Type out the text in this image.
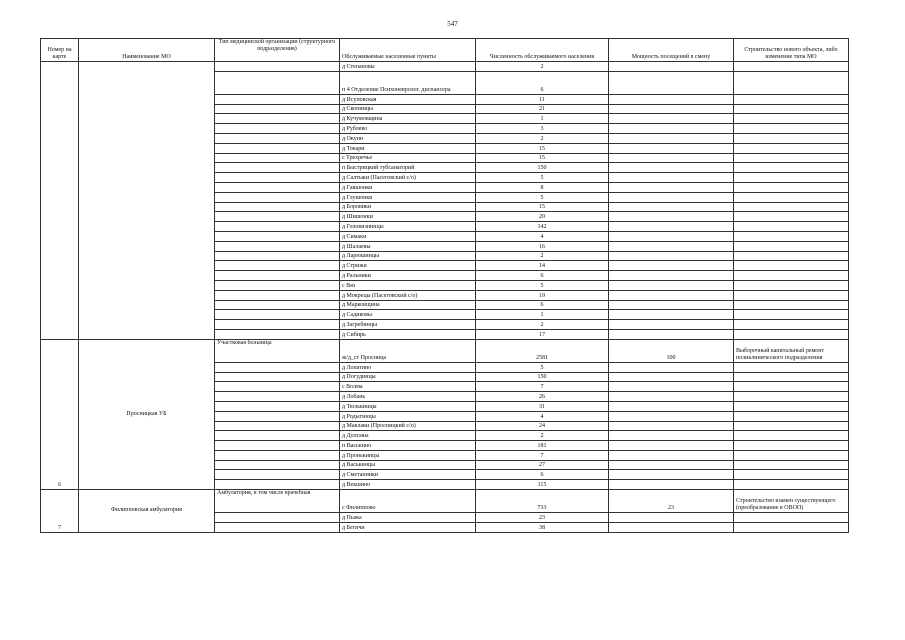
547
Номер на карте	Наименование МО	Тип медицинской организации (структурного подразделения)	Обслуживаемые населенные пункты	Численность обслуживаемого населения	Мощность посещений в смену	Строительство нового объекта, либо изменение типа МО
			д Степановы	2		
			п 4 Отделение Психоневролог. диспансера	6		
			д Исуповская	11		
			д Скопинцы	21		
			д Кучумовщина	1		
			д Рублево	3		
			д Окунн	2		
			д Токари	15		
			с Трехречье	15		
			п Быстрицкий тубсанаторий	150		
			д Салтыки (Пасеговский с/о)	5		
			д Гавшонки	8		
			д Глушонки	5		
			д Боровики	15		
			д Шишонки	20		
			д Головизнинцы	142		
			д Симаки	4		
			д Шалаевы	16		
			д Ларюшинцы	2		
			д Стрижи	14		
			д Ральники	6		
			с Вяз	5		
			д Мокрецы (Пасеговский с/о)	19		
			д Марковщина	6		
			д Садиковы	1		
			д Загребинцы	2		
			д Сибирь	17		
6	Просницкая УБ	Участковая больница	ж/д_ст Просница	2581	100	Выборочный капитальный ремонт поликлинического подразделения
			д Лопатино	5		
			д Погудинцы	150		
			с Волма	7		
			д Лобань	26		
			д Тюлькинцы	31		
			д Родыгинцы	4		
			д Маклаки (Просницкий с/о)	24		
			д Долгаяы	2		
			п Васькино	181		
			д Пронькинцы	7		
			д Васькинцы	27		
			д Сметанники	6		
			д Векшино	115		
7	Филипповская амбулатория	Амбулатория, в том числе врачебная	с Филиппово	733	23	Строительство взамен существующего (преобразование в ОВОП)
			д Пыжа	23		
			д Бегичи	38		
